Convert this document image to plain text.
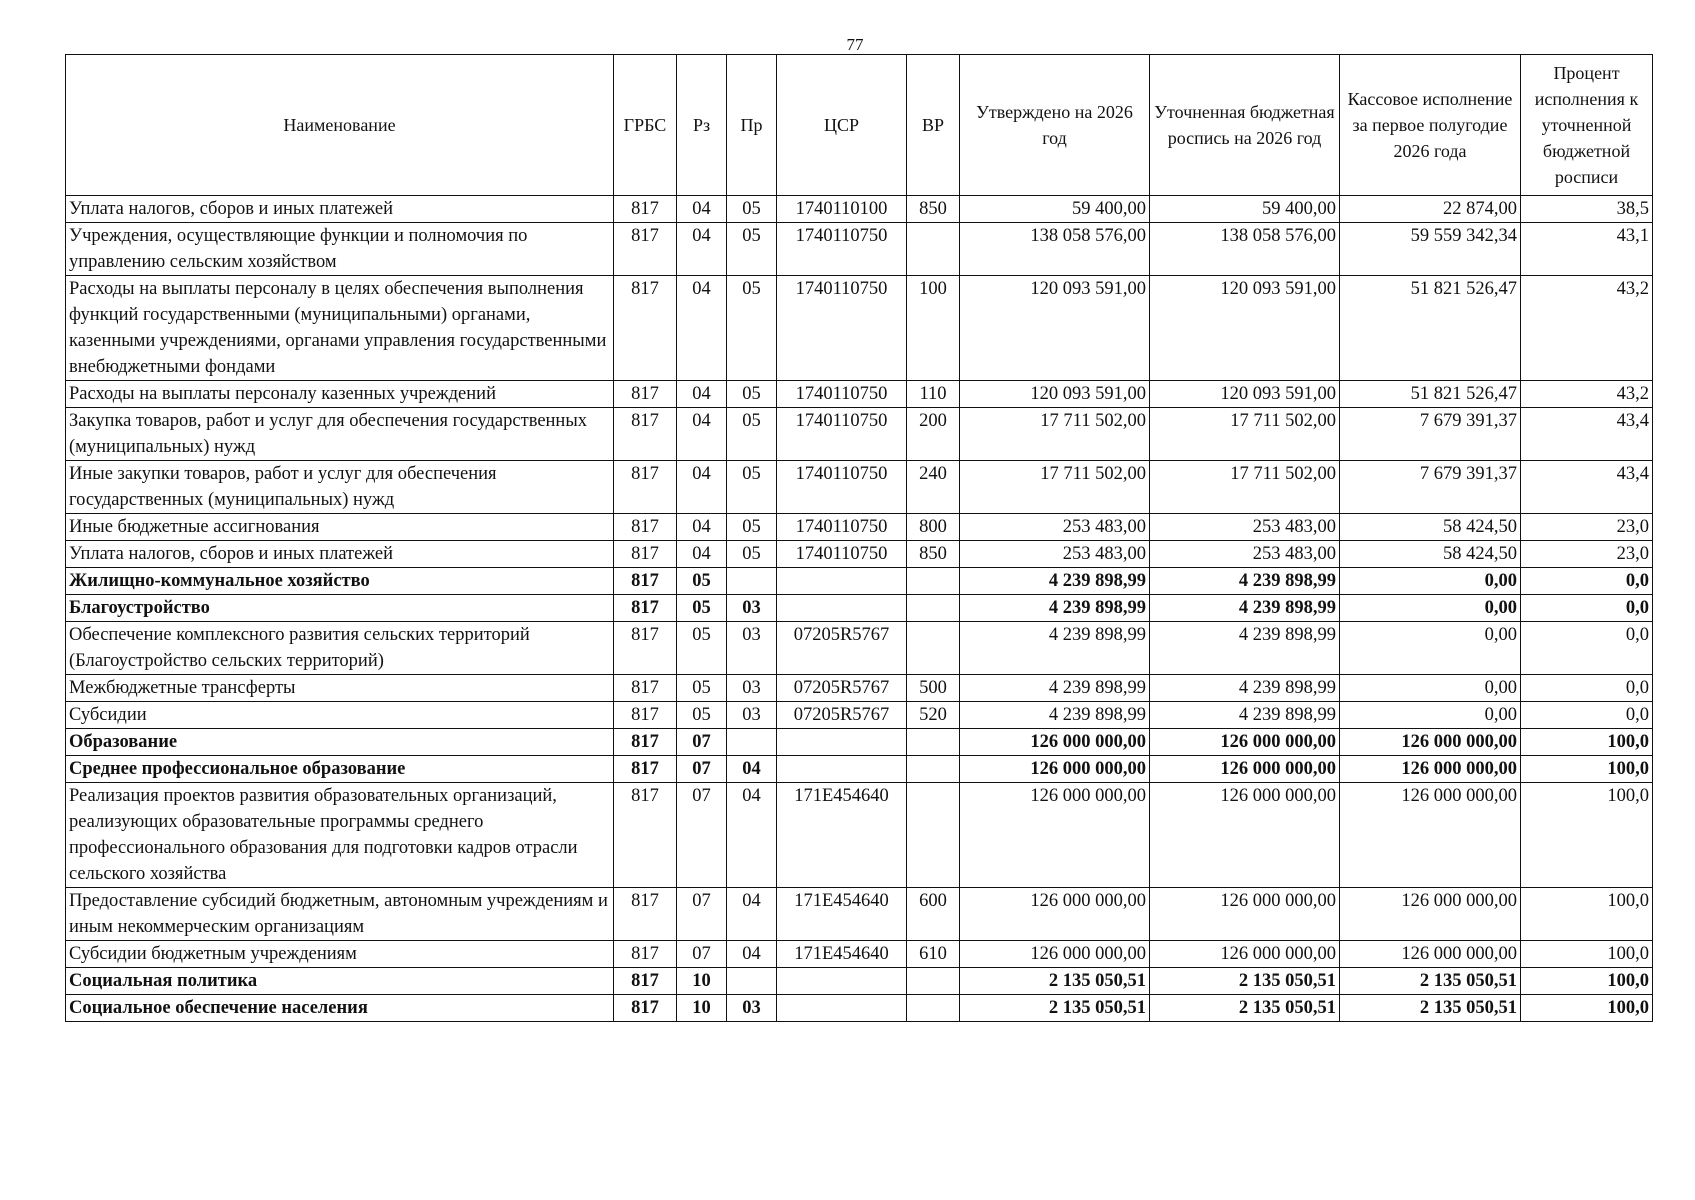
77
Наименование	ГРБС	Рз	Пр	ЦСР	ВР	Утверждено на 2026 год	Уточненная бюджетная роспись на 2026 год	Кассовое исполнение за первое полугодие 2026 года	Процент исполнения к уточненной бюджетной росписи
Уплата налогов, сборов и иных платежей	817	04	05	1740110100	850	59 400,00	59 400,00	22 874,00	38,5
Учреждения, осуществляющие функции и полномочия по управлению сельским хозяйством	817	04	05	1740110750		138 058 576,00	138 058 576,00	59 559 342,34	43,1
Расходы на выплаты персоналу в целях обеспечения выполнения функций государственными (муниципальными) органами, казенными учреждениями, органами управления государственными внебюджетными фондами	817	04	05	1740110750	100	120 093 591,00	120 093 591,00	51 821 526,47	43,2
Расходы на выплаты персоналу казенных учреждений	817	04	05	1740110750	110	120 093 591,00	120 093 591,00	51 821 526,47	43,2
Закупка товаров, работ и услуг для обеспечения государственных (муниципальных) нужд	817	04	05	1740110750	200	17 711 502,00	17 711 502,00	7 679 391,37	43,4
Иные закупки товаров, работ и услуг для обеспечения государственных (муниципальных) нужд	817	04	05	1740110750	240	17 711 502,00	17 711 502,00	7 679 391,37	43,4
Иные бюджетные ассигнования	817	04	05	1740110750	800	253 483,00	253 483,00	58 424,50	23,0
Уплата налогов, сборов и иных платежей	817	04	05	1740110750	850	253 483,00	253 483,00	58 424,50	23,0
Жилищно-коммунальное хозяйство	817	05				4 239 898,99	4 239 898,99	0,00	0,0
Благоустройство	817	05	03			4 239 898,99	4 239 898,99	0,00	0,0
Обеспечение комплексного развития сельских территорий (Благоустройство сельских территорий)	817	05	03	07205R5767		4 239 898,99	4 239 898,99	0,00	0,0
Межбюджетные трансферты	817	05	03	07205R5767	500	4 239 898,99	4 239 898,99	0,00	0,0
Субсидии	817	05	03	07205R5767	520	4 239 898,99	4 239 898,99	0,00	0,0
Образование	817	07				126 000 000,00	126 000 000,00	126 000 000,00	100,0
Среднее профессиональное образование	817	07	04			126 000 000,00	126 000 000,00	126 000 000,00	100,0
Реализация проектов развития образовательных организаций, реализующих образовательные программы среднего профессионального образования для подготовки кадров отрасли сельского хозяйства	817	07	04	171E454640		126 000 000,00	126 000 000,00	126 000 000,00	100,0
Предоставление субсидий бюджетным, автономным учреждениям и иным некоммерческим организациям	817	07	04	171E454640	600	126 000 000,00	126 000 000,00	126 000 000,00	100,0
Субсидии бюджетным учреждениям	817	07	04	171E454640	610	126 000 000,00	126 000 000,00	126 000 000,00	100,0
Социальная политика	817	10				2 135 050,51	2 135 050,51	2 135 050,51	100,0
Социальное обеспечение населения	817	10	03			2 135 050,51	2 135 050,51	2 135 050,51	100,0
